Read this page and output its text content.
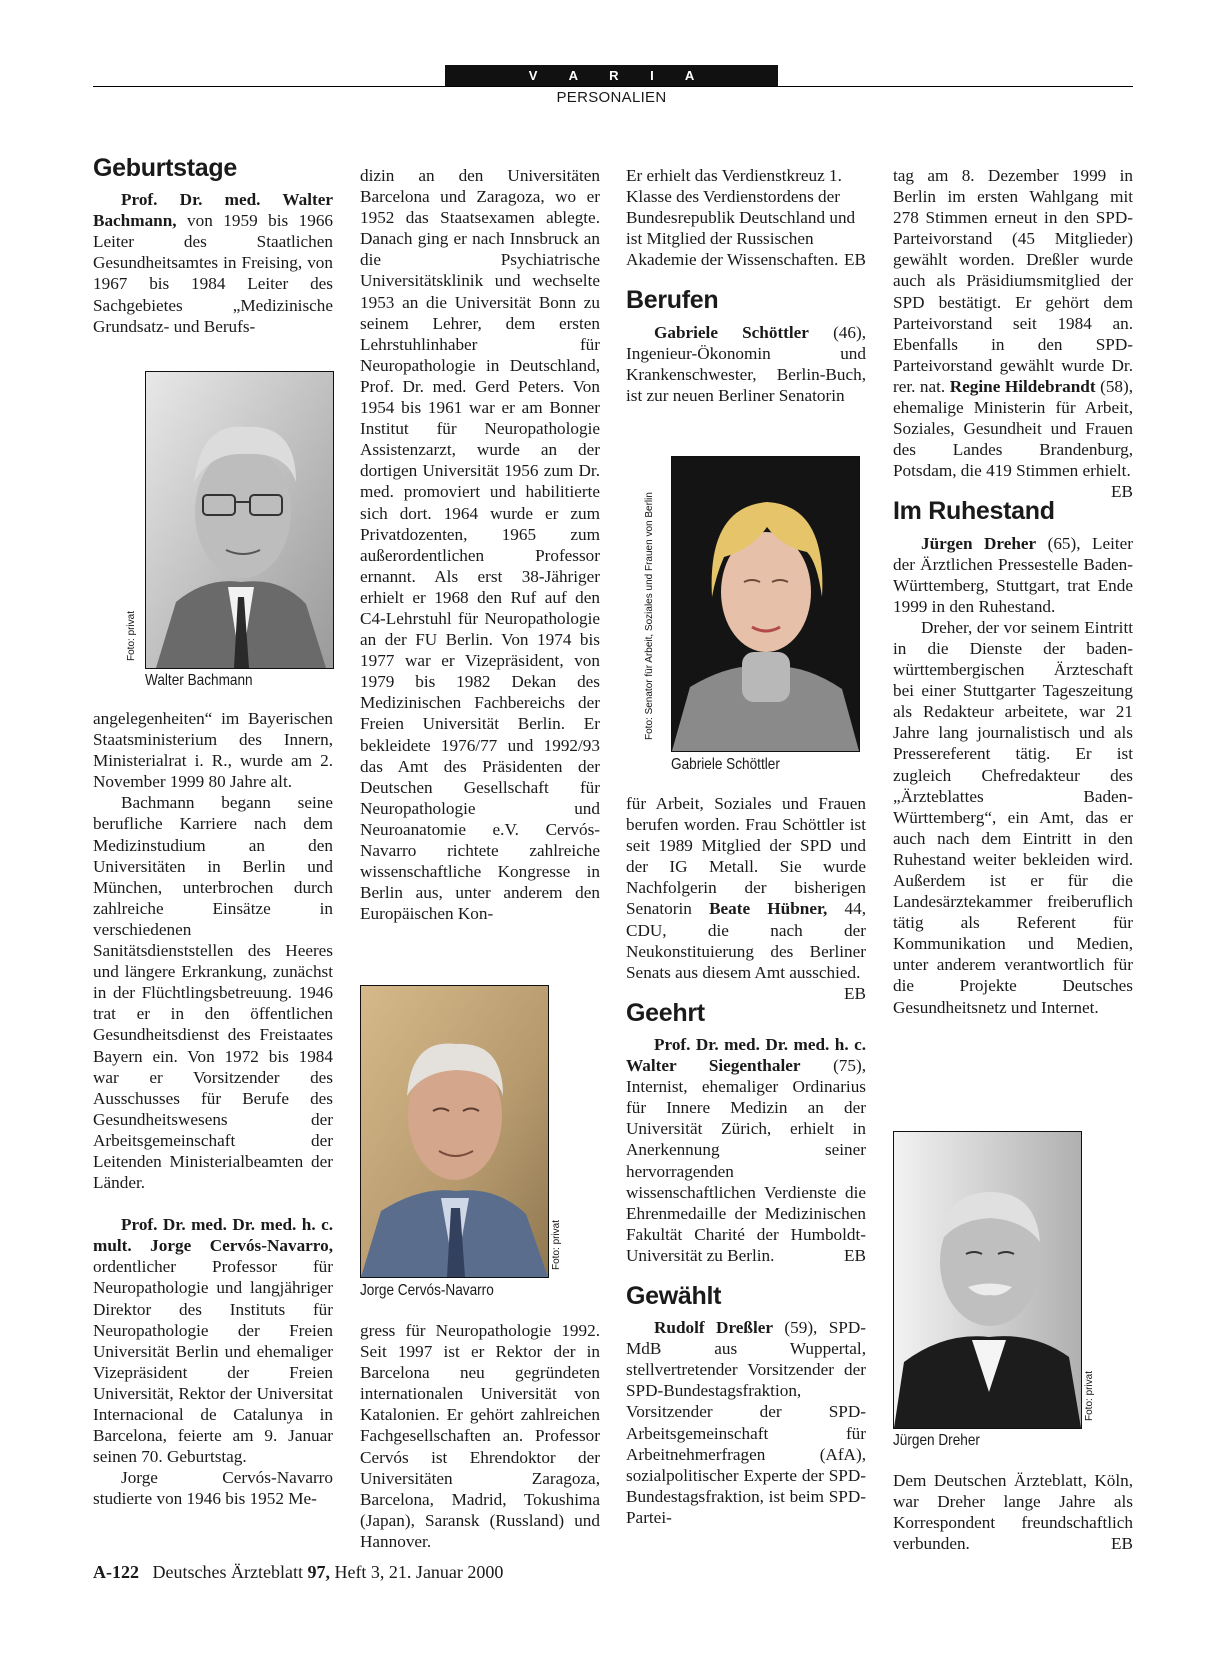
V A R I A
PERSONALIEN
Geburtstage

Prof. Dr. med. Walter Bachmann, von 1959 bis 1966 Leiter des Staatlichen Gesundheitsamtes in Freising, von 1967 bis 1984 Leiter des Sachgebietes „Medizinische Grundsatz- und Berufs-

Foto: privat
Walter Bachmann

angelegenheiten“ im Bayerischen Staatsministerium des Innern, Ministerialrat i. R., wurde am 2. November 1999 80 Jahre alt.

Bachmann begann seine berufliche Karriere nach dem Medizinstudium an den Universitäten in Berlin und München, unterbrochen durch zahlreiche Einsätze in verschiedenen Sanitätsdienststellen des Heeres und längere Erkrankung, zunächst in der Flüchtlingsbetreuung. 1946 trat er in den öffentlichen Gesundheitsdienst des Freistaates Bayern ein. Von 1972 bis 1984 war er Vorsitzender des Ausschusses für Berufe des Gesundheitswesens der Arbeitsgemeinschaft der Leitenden Ministerialbeamten der Länder.

Prof. Dr. med. Dr. med. h. c. mult. Jorge Cervós-Navarro, ordentlicher Professor für Neuropathologie und langjähriger Direktor des Instituts für Neuropathologie der Freien Universität Berlin und ehemaliger Vizepräsident der Freien Universität, Rektor der Universitat Internacional de Catalunya in Barcelona, feierte am 9. Januar seinen 70. Geburtstag.

Jorge Cervós-Navarro studierte von 1946 bis 1952 Me-

dizin an den Universitäten Barcelona und Zaragoza, wo er 1952 das Staatsexamen ablegte. Danach ging er nach Innsbruck an die Psychiatrische Universitätsklinik und wechselte 1953 an die Universität Bonn zu seinem Lehrer, dem ersten Lehrstuhlinhaber für Neuropathologie in Deutschland, Prof. Dr. med. Gerd Peters. Von 1954 bis 1961 war er am Bonner Institut für Neuropathologie Assistenzarzt, wurde an der dortigen Universität 1956 zum Dr. med. promoviert und habilitierte sich dort. 1964 wurde er zum Privatdozenten, 1965 zum außerordentlichen Professor ernannt. Als erst 38-Jähriger erhielt er 1968 den Ruf auf den C4-Lehrstuhl für Neuropathologie an der FU Berlin. Von 1974 bis 1977 war er Vizepräsident, von 1979 bis 1982 Dekan des Medizinischen Fachbereichs der Freien Universität Berlin. Er bekleidete 1976/77 und 1992/93 das Amt des Präsidenten der Deutschen Gesellschaft für Neuropathologie und Neuroanatomie e.V. Cervós-Navarro richtete zahlreiche wissenschaftliche Kongresse in Berlin aus, unter anderem den Europäischen Kon-

Foto: privat
Jorge Cervós-Navarro

gress für Neuropathologie 1992. Seit 1997 ist er Rektor der in Barcelona neu gegründeten internationalen Universität von Katalonien. Er gehört zahlreichen Fachgesellschaften an. Professor Cervós ist Ehrendoktor der Universitäten Zaragoza, Barcelona, Madrid, Tokushima (Japan), Saransk (Russland) und Hannover.

Er erhielt das Verdienstkreuz 1. Klasse des Verdienstordens der Bundesrepublik Deutschland und ist Mitglied der Russischen Akademie der Wissenschaften. EB

Berufen

Gabriele Schöttler (46), Ingenieur-Ökonomin und Krankenschwester, Berlin-Buch, ist zur neuen Berliner Senatorin

Foto: Senator für Arbeit, Soziales und Frauen von Berlin
Gabriele Schöttler

für Arbeit, Soziales und Frauen berufen worden. Frau Schöttler ist seit 1989 Mitglied der SPD und der IG Metall. Sie wurde Nachfolgerin der bisherigen Senatorin Beate Hübner, 44, CDU, die nach der Neukonstituierung des Berliner Senats aus diesem Amt ausschied.
EB

Geehrt

Prof. Dr. med. Dr. med. h. c. Walter Siegenthaler (75), Internist, ehemaliger Ordinarius für Innere Medizin an der Universität Zürich, erhielt in Anerkennung seiner hervorragenden wissenschaftlichen Verdienste die Ehrenmedaille der Medizinischen Fakultät Charité der Humboldt-Universität zu Berlin.	EB

Gewählt

Rudolf Dreßler (59), SPD-MdB aus Wuppertal, stellvertretender Vorsitzender der SPD-Bundestagsfraktion, Vorsitzender der SPD-Arbeitsgemeinschaft für Arbeitnehmerfragen (AfA), sozialpolitischer Experte der SPD-Bundestagsfraktion, ist beim SPD-Partei-

tag am 8. Dezember 1999 in Berlin im ersten Wahlgang mit 278 Stimmen erneut in den SPD-Parteivorstand (45 Mitglieder) gewählt worden. Dreßler wurde auch als Präsidiumsmitglied der SPD bestätigt. Er gehört dem Parteivorstand seit 1984 an. Ebenfalls in den SPD-Parteivorstand gewählt wurde Dr. rer. nat. Regine Hildebrandt (58), ehemalige Ministerin für Arbeit, Soziales, Gesundheit und Frauen des Landes Brandenburg, Potsdam, die 419 Stimmen erhielt.
EB

Im Ruhestand

Jürgen Dreher (65), Leiter der Ärztlichen Pressestelle Baden-Württemberg, Stuttgart, trat Ende 1999 in den Ruhestand.

Dreher, der vor seinem Eintritt in die Dienste der baden-württembergischen Ärzteschaft bei einer Stuttgarter Tageszeitung als Redakteur arbeitete, war 21 Jahre lang journalistisch und als Pressereferent tätig. Er ist zugleich Chefredakteur des „Ärzteblattes Baden-Württemberg“, ein Amt, das er auch nach dem Eintritt in den Ruhestand weiter bekleiden wird. Außerdem ist er für die Landesärztekammer freiberuflich tätig als Referent für Kommunikation und Medien, unter anderem verantwortlich für die Projekte Deutsches Gesundheitsnetz und Internet.

Foto: privat
Jürgen Dreher

Dem Deutschen Ärzteblatt, Köln, war Dreher lange Jahre als Korrespondent freundschaftlich verbunden.	EB

A-122 Deutsches Ärzteblatt 97, Heft 3, 21. Januar 2000
